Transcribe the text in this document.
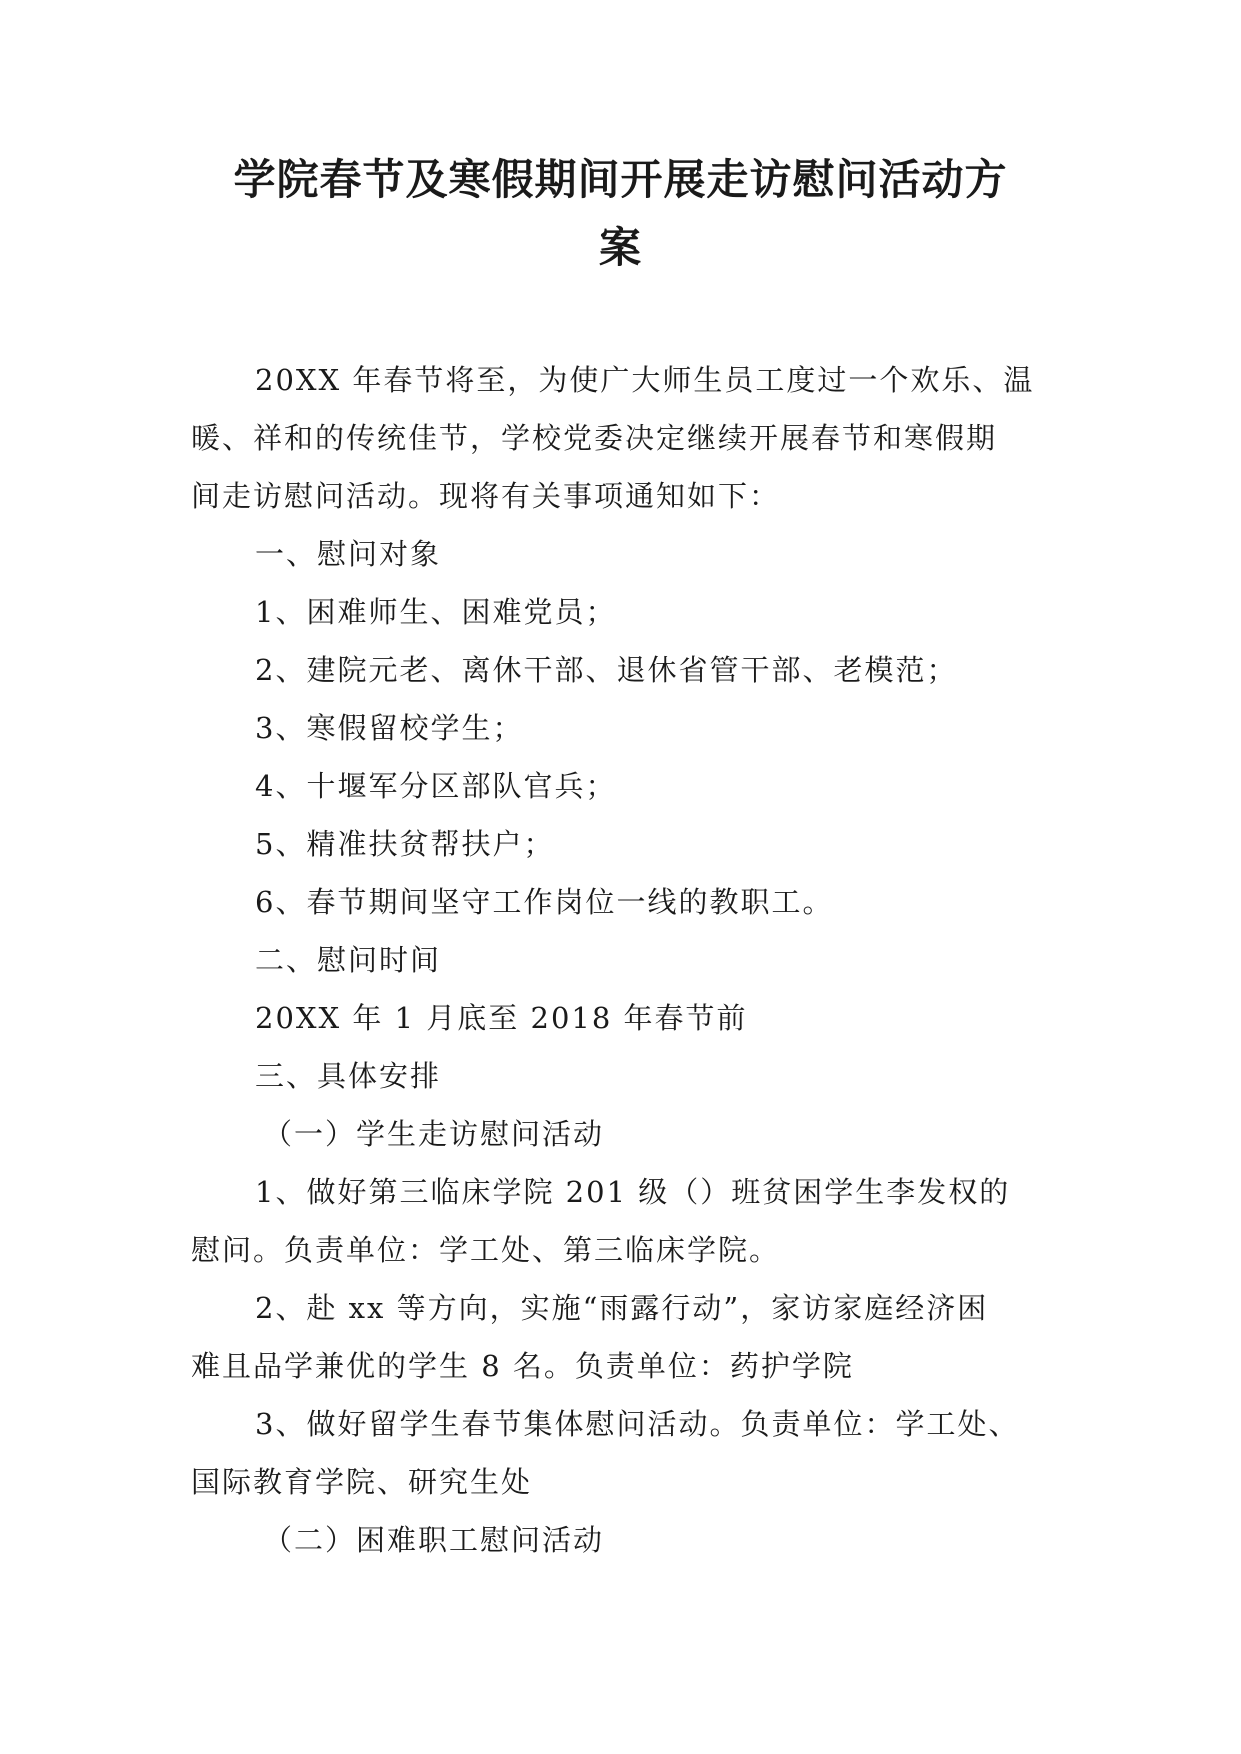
学院春节及寒假期间开展走访慰问活动方
案
20XX 年春节将至，为使广大师生员工度过一个欢乐、温
暖、祥和的传统佳节，学校党委决定继续开展春节和寒假期
间走访慰问活动。现将有关事项通知如下：
一、慰问对象
1、困难师生、困难党员；
2、建院元老、离休干部、退休省管干部、老模范；
3、寒假留校学生；
4、十堰军分区部队官兵；
5、精准扶贫帮扶户；
6、春节期间坚守工作岗位一线的教职工。
二、慰问时间
20XX 年 1 月底至 2018 年春节前
三、具体安排
（一）学生走访慰问活动
1、做好第三临床学院 201 级（）班贫困学生李发权的
慰问。负责单位：学工处、第三临床学院。
2、赴 xx 等方向，实施“雨露行动”，家访家庭经济困
难且品学兼优的学生 8 名。负责单位：药护学院
3、做好留学生春节集体慰问活动。负责单位：学工处、
国际教育学院、研究生处
（二）困难职工慰问活动
